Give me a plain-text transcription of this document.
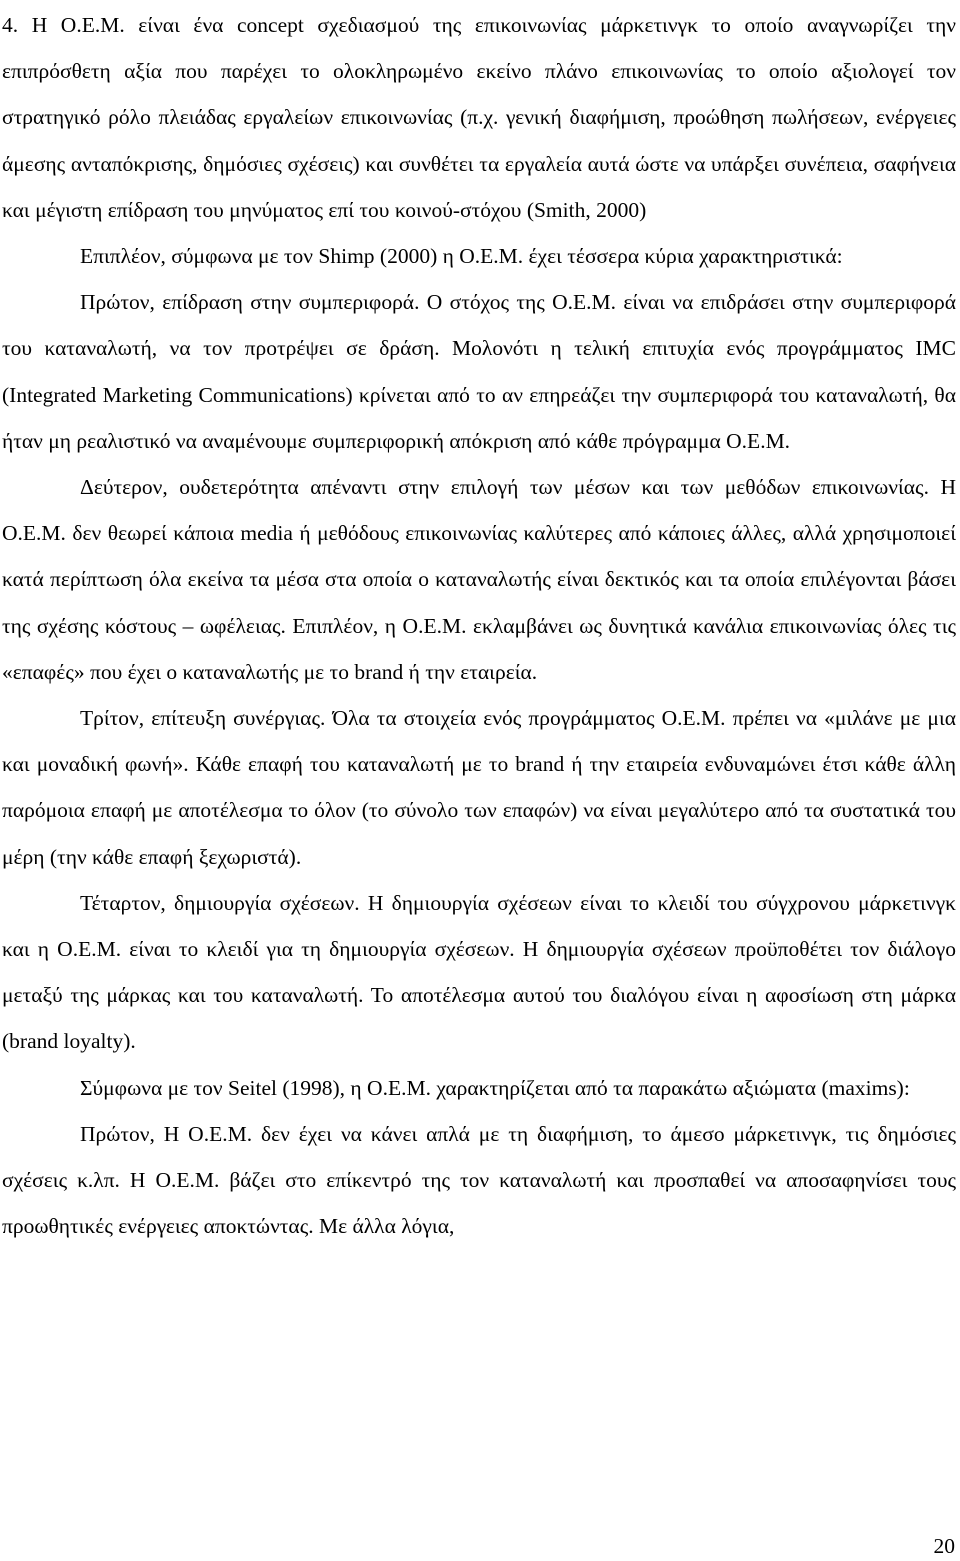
4. Η Ο.Ε.Μ. είναι ένα concept σχεδιασμού της επικοινωνίας μάρκετινγκ το οποίο αναγνωρίζει την επιπρόσθετη αξία που παρέχει το ολοκληρωμένο εκείνο πλάνο επικοινωνίας το οποίο αξιολογεί τον στρατηγικό ρόλο πλειάδας εργαλείων επικοινωνίας (π.χ. γενική διαφήμιση, προώθηση πωλήσεων, ενέργειες άμεσης ανταπόκρισης, δημόσιες σχέσεις) και συνθέτει τα εργαλεία αυτά ώστε να υπάρξει συνέπεια, σαφήνεια και μέγιστη επίδραση του μηνύματος επί του κοινού-στόχου (Smith, 2000)

Επιπλέον, σύμφωνα με τον Shimp (2000) η Ο.Ε.Μ. έχει τέσσερα κύρια χαρακτηριστικά:

Πρώτον, επίδραση στην συμπεριφορά. Ο στόχος της Ο.Ε.Μ. είναι να επιδράσει στην συμπεριφορά του καταναλωτή, να τον προτρέψει σε δράση. Μολονότι η τελική επιτυχία ενός προγράμματος IMC (Integrated Marketing Communications) κρίνεται από το αν επηρεάζει την συμπεριφορά του καταναλωτή, θα ήταν μη ρεαλιστικό να αναμένουμε συμπεριφορική απόκριση από κάθε πρόγραμμα Ο.Ε.Μ.

Δεύτερον, ουδετερότητα απέναντι στην επιλογή των μέσων και των μεθόδων επικοινωνίας. Η Ο.Ε.Μ. δεν θεωρεί κάποια media ή μεθόδους επικοινωνίας καλύτερες από κάποιες άλλες, αλλά χρησιμοποιεί κατά περίπτωση όλα εκείνα τα μέσα στα οποία ο καταναλωτής είναι δεκτικός και τα οποία επιλέγονται βάσει της σχέσης κόστους – ωφέλειας. Επιπλέον, η Ο.Ε.Μ. εκλαμβάνει ως δυνητικά κανάλια επικοινωνίας όλες τις «επαφές» που έχει ο καταναλωτής με το brand ή την εταιρεία.

Τρίτον, επίτευξη συνέργιας. Όλα τα στοιχεία ενός προγράμματος Ο.Ε.Μ. πρέπει να «μιλάνε με μια και μοναδική φωνή». Κάθε επαφή του καταναλωτή με το brand ή την εταιρεία ενδυναμώνει έτσι κάθε άλλη παρόμοια επαφή με αποτέλεσμα το όλον (το σύνολο των επαφών) να είναι μεγαλύτερο από τα συστατικά του μέρη (την κάθε επαφή ξεχωριστά).

Τέταρτον, δημιουργία σχέσεων. Η δημιουργία σχέσεων είναι το κλειδί του σύγχρονου μάρκετινγκ και η Ο.Ε.Μ. είναι το κλειδί για τη δημιουργία σχέσεων. Η δημιουργία σχέσεων προϋποθέτει τον διάλογο μεταξύ της μάρκας και του καταναλωτή. Το αποτέλεσμα αυτού του διαλόγου είναι η αφοσίωση στη μάρκα (brand loyalty).

Σύμφωνα με τον Seitel (1998), η Ο.Ε.Μ. χαρακτηρίζεται από τα παρακάτω αξιώματα (maxims):

Πρώτον, Η Ο.Ε.Μ. δεν έχει να κάνει απλά με τη διαφήμιση, το άμεσο μάρκετινγκ, τις δημόσιες σχέσεις κ.λπ. Η Ο.Ε.Μ. βάζει στο επίκεντρό της τον καταναλωτή και προσπαθεί να αποσαφηνίσει τους προωθητικές ενέργειες αποκτώντας. Με άλλα λόγια,

20
